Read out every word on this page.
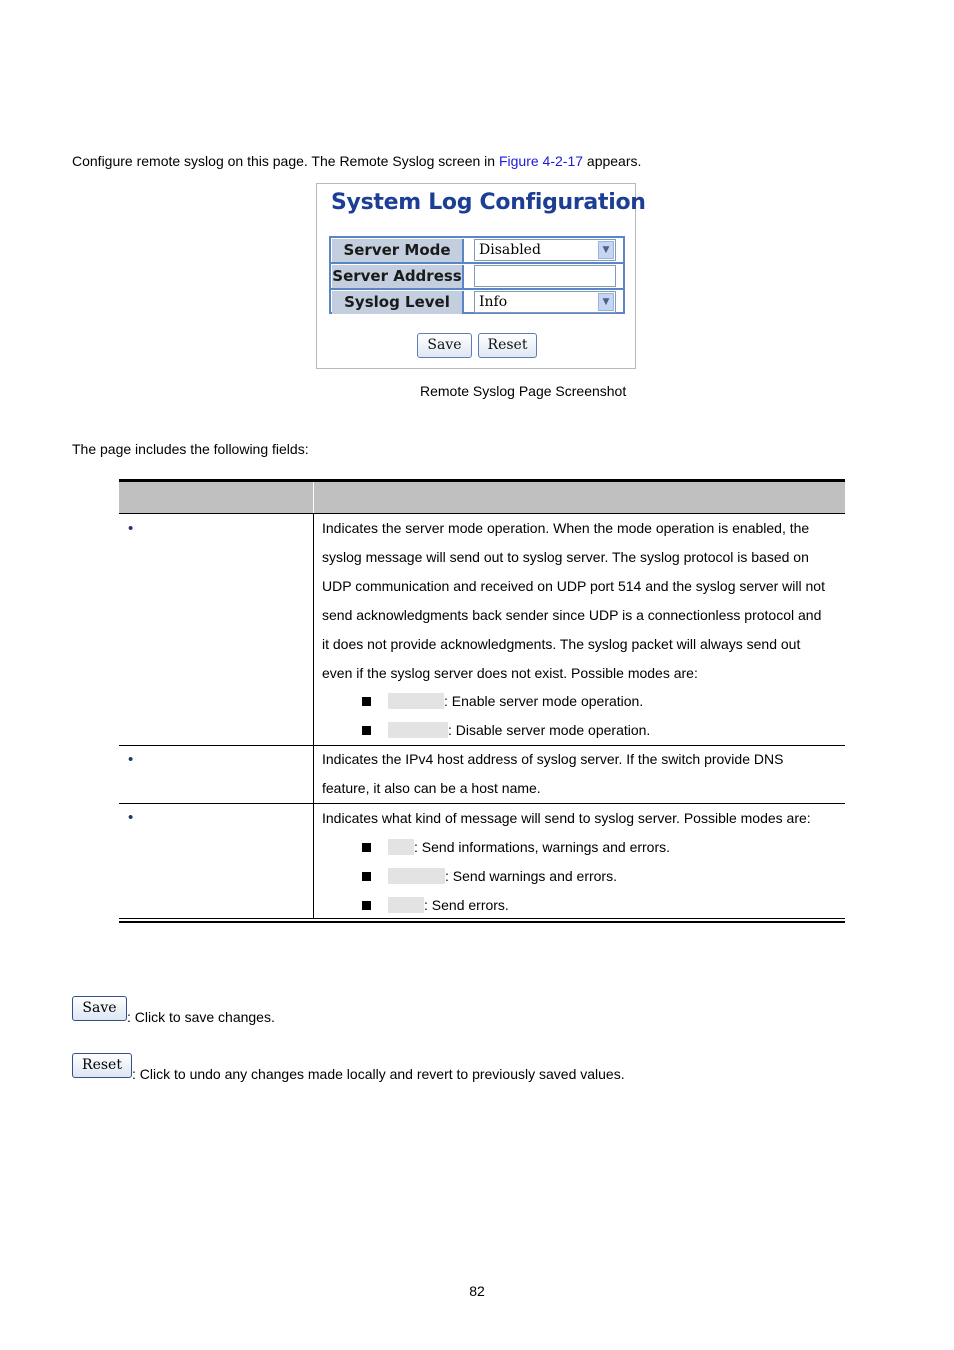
Configure remote syslog on this page. The Remote Syslog screen in Figure 4-2-17 appears.
System Log Configuration
Server Mode	Disabled	▼
Server Address
Syslog Level	Info	▼
Save	Reset
Remote Syslog Page Screenshot
The page includes the following fields:
•	Indicates the server mode operation. When the mode operation is enabled, the
syslog message will send out to syslog server. The syslog protocol is based on
UDP communication and received on UDP port 514 and the syslog server will not
send acknowledgments back sender since UDP is a connectionless protocol and
it does not provide acknowledgments. The syslog packet will always send out
even if the syslog server does not exist. Possible modes are:
: Enable server mode operation.
: Disable server mode operation.
•	Indicates the IPv4 host address of syslog server. If the switch provide DNS
feature, it also can be a host name.
•	Indicates what kind of message will send to syslog server. Possible modes are:
: Send informations, warnings and errors.
: Send warnings and errors.
: Send errors.
Save
: Click to save changes.
Reset
: Click to undo any changes made locally and revert to previously saved values.
82
